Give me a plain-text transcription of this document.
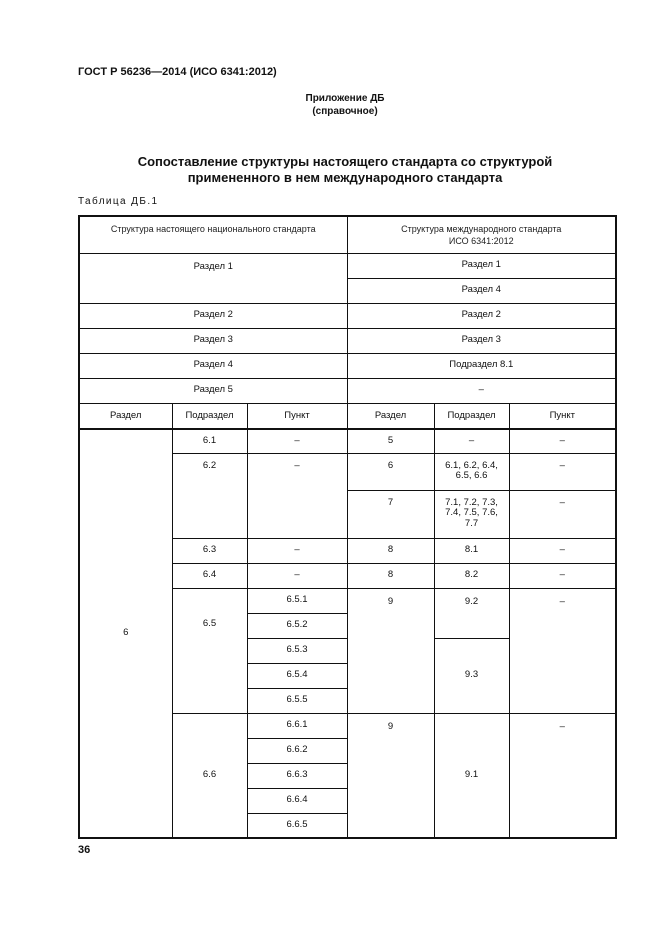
ГОСТ Р 56236—2014 (ИСО 6341:2012)
Приложение ДБ
(справочное)
Сопоставление структуры настоящего стандарта со структурой
примененного в нем международного стандарта
Таблица ДБ.1
Структура настоящего национального стандарта			Структура международного стандарта
ИСО 6341:2012		
Раздел 1			Раздел 1		
			Раздел 4		
Раздел 2			Раздел 2		
Раздел 3			Раздел 3		
Раздел 4			Подраздел 8.1		
Раздел 5			–		
Раздел	Подраздел	Пункт	Раздел	Подраздел	Пункт
6	6.1	–	5	–	–
	6.2	–	6	6.1, 6.2, 6.4, 6.5, 6.6	–
			7	7.1, 7.2, 7.3, 7.4, 7.5, 7.6, 7.7	–
	6.3	–	8	8.1	–
	6.4	–	8	8.2	–
	6.5	6.5.1	9	9.2	–
		6.5.2			
		6.5.3		9.3	
		6.5.4			
		6.5.5			
	6.6	6.6.1	9	9.1	–
		6.6.2			
		6.6.3			
		6.6.4			
		6.6.5			
36
